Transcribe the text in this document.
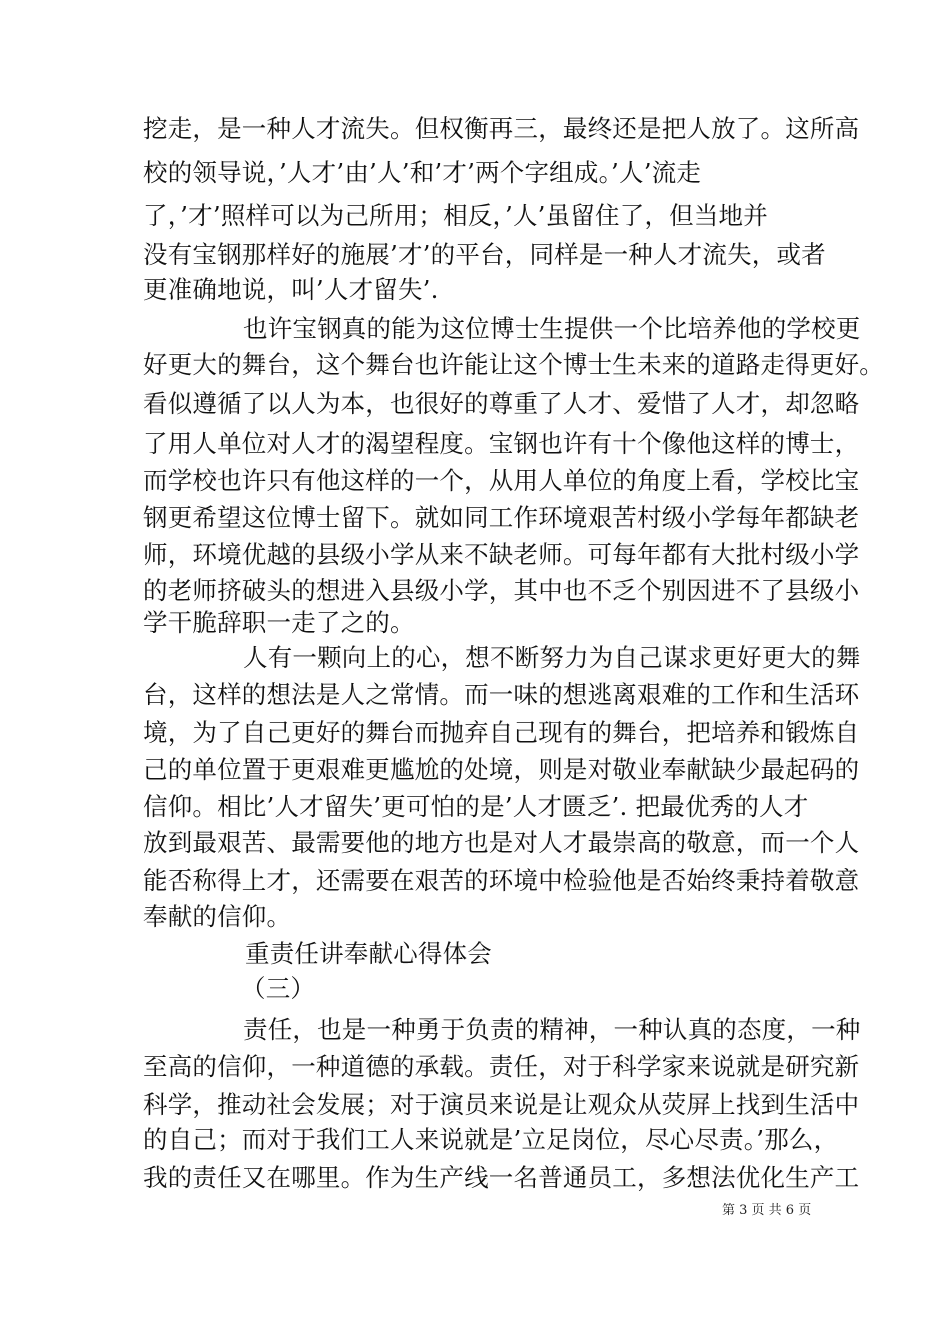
挖走，是一种人才流失。但权衡再三，最终还是把人放了。这所高
校的领导说，’人才’由’人’和’才’两个字组成。’人’流走
了，’才’照样可以为己所用；相反，’人’虽留住了，但当地并
没有宝钢那样好的施展’才’的平台，同样是一种人才流失，或者
更准确地说，叫’人才留失’.
也许宝钢真的能为这位博士生提供一个比培养他的学校更
好更大的舞台，这个舞台也许能让这个博士生未来的道路走得更好。
看似遵循了以人为本，也很好的尊重了人才、爱惜了人才，却忽略
了用人单位对人才的渴望程度。宝钢也许有十个像他这样的博士，
而学校也许只有他这样的一个，从用人单位的角度上看，学校比宝
钢更希望这位博士留下。就如同工作环境艰苦村级小学每年都缺老
师，环境优越的县级小学从来不缺老师。可每年都有大批村级小学
的老师挤破头的想进入县级小学，其中也不乏个别因进不了县级小
学干脆辞职一走了之的。
人有一颗向上的心，想不断努力为自己谋求更好更大的舞
台，这样的想法是人之常情。而一味的想逃离艰难的工作和生活环
境，为了自己更好的舞台而抛弃自己现有的舞台，把培养和锻炼自
己的单位置于更艰难更尴尬的处境，则是对敬业奉献缺少最起码的
信仰。相比’人才留失’更可怕的是’人才匮乏’. 把最优秀的人才
放到最艰苦、最需要他的地方也是对人才最崇高的敬意，而一个人
能否称得上才，还需要在艰苦的环境中检验他是否始终秉持着敬意
奉献的信仰。
重责任讲奉献心得体会
（三）
责任，也是一种勇于负责的精神，一种认真的态度，一种
至高的信仰，一种道德的承载。责任，对于科学家来说就是研究新
科学，推动社会发展；对于演员来说是让观众从荧屏上找到生活中
的自己；而对于我们工人来说就是’立足岗位，尽心尽责。’那么，
我的责任又在哪里。作为生产线一名普通员工，多想法优化生产工
第 3 页 共 6 页
